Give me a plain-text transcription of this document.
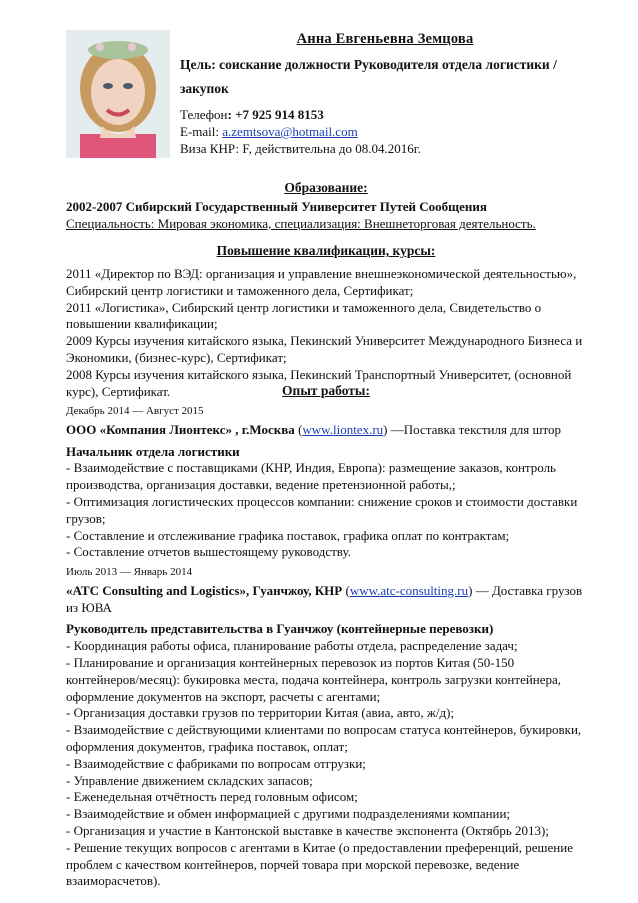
Анна Евгеньевна Земцова
Цель: соискание должности Руководителя отдела логистики /
закупок
Телефон: +7 925 914 8153
E-mail: a.zemtsova@hotmail.com
Виза КНР: F, действительна до 08.04.2016г.
Образование:
2002-2007 Сибирский Государственный Университет Путей Сообщения
Специальность: Мировая экономика, специализация: Внешнеторговая деятельность.
Повышение квалификации, курсы:
2011 «Директор по ВЭД: организация и управление внешнеэкономической деятельностью»,
Сибирский центр логистики и таможенного дела, Сертификат;
2011 «Логистика», Сибирский центр логистики и таможенного дела, Свидетельство о
повышении квалификации;
2009 Курсы изучения китайского языка, Пекинский Университет Международного Бизнеса и
Экономики, (бизнес-курс), Сертификат;
2008 Курсы изучения китайского языка, Пекинский Транспортный Университет, (основной
курс), Сертификат.	Опыт работы:
Декабрь 2014 — Август 2015
ООО «Компания Лионтекс» , г.Москва (www.liontex.ru) —Поставка текстиля для штор
Начальник отдела логистики
- Взаимодействие с поставщиками (КНР, Индия, Европа): размещение заказов, контроль
производства, организация доставки, ведение претензионной работы,;
- Оптимизация логистических процессов компании: снижение сроков и стоимости доставки
грузов;
- Составление и отслеживание графика поставок, графика оплат по контрактам;
- Составление отчетов вышестоящему руководству.
Июль 2013 — Январь 2014
«ATC Consulting and Logistics», Гуанчжоу, КНР (www.atc-consulting.ru) — Доставка грузов
из ЮВА
Руководитель представительства в Гуанчжоу (контейнерные перевозки)
- Координация работы офиса, планирование работы отдела, распределение задач;
- Планирование и организация контейнерных перевозок из портов Китая (50-150
контейнеров/месяц): букировка места, подача контейнера, контроль загрузки контейнера,
оформление документов на экспорт, расчеты с агентами;
- Организация доставки грузов по территории Китая (авиа, авто, ж/д);
- Взаимодействие с действующими клиентами по вопросам статуса контейнеров, букировки,
оформления документов, графика поставок, оплат;
- Взаимодействие с фабриками по вопросам отгрузки;
- Управление движением складских запасов;
- Еженедельная отчётность перед головным офисом;
- Взаимодействие и обмен информацией с другими подразделениями компании;
- Организация и участие в Кантонской выставке в качестве экспонента (Октябрь 2013);
- Решение текущих вопросов с агентами в Китае (о предоставлении преференций, решение
проблем с качеством контейнеров, порчей товара при морской перевозке, ведение
взаиморасчетов).
